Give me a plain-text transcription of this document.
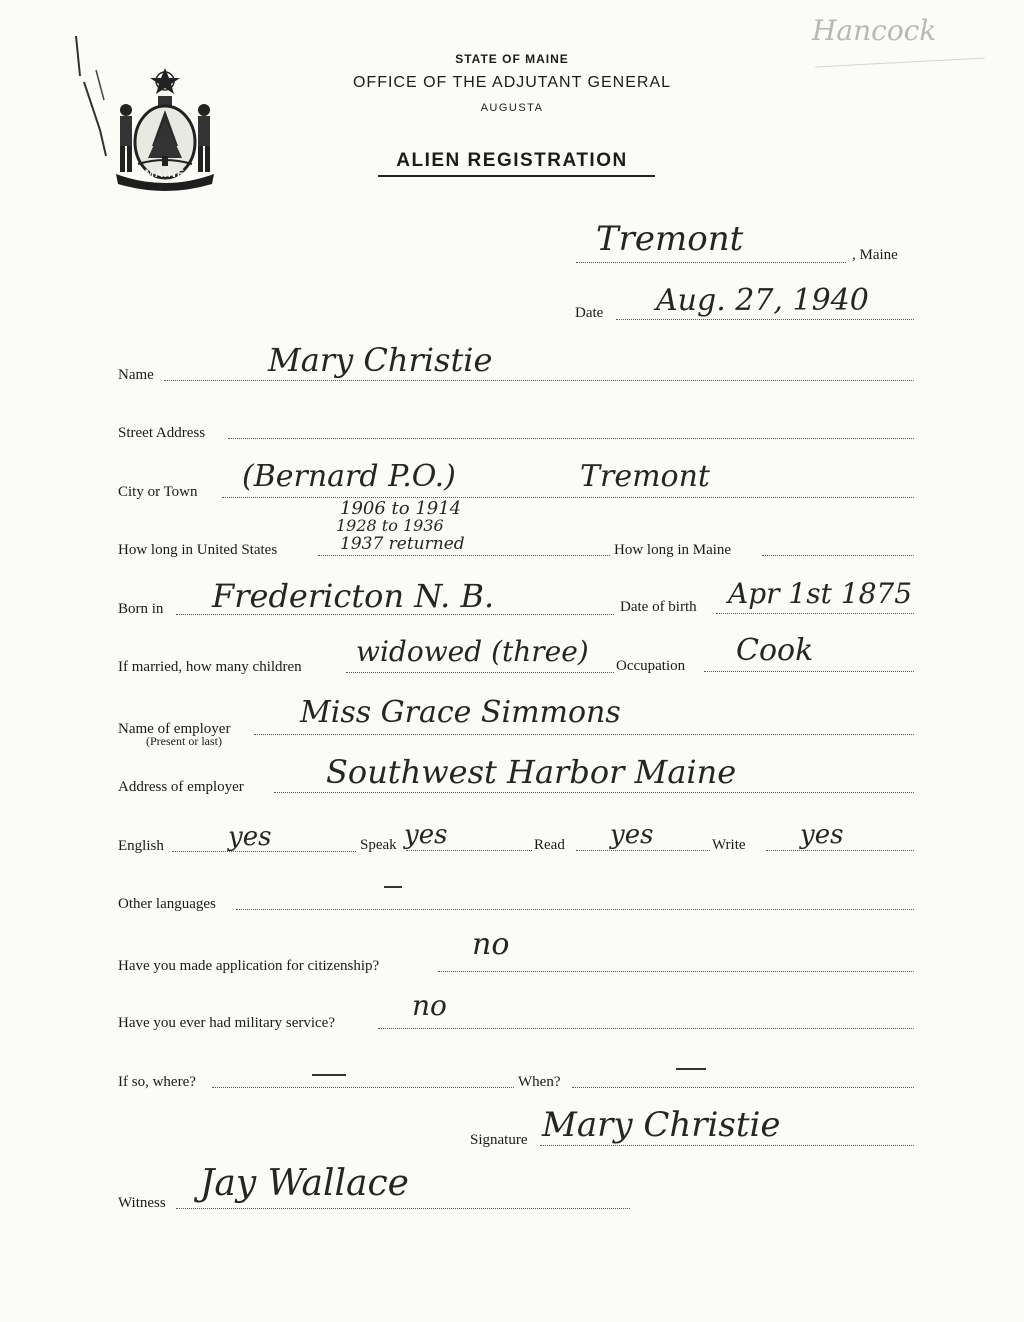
Hancock
MAINE
STATE OF MAINE
OFFICE OF THE ADJUTANT GENERAL
AUGUSTA
ALIEN REGISTRATION
Tremont	, Maine
Date Aug. 27, 1940
Name	Mary Christie
Street Address
City or Town (Bernard P.O.)	Tremont
1906 to 1914
1928 to 1936
1937 returned
How long in United States	How long in Maine
Born in Fredericton N. B.	Date of birth Apr 1st 1875
If married, how many children widowed (three) Occupation Cook
Name of employer
(Present or last)
Miss Grace Simmons
Address of employer	Southwest Harbor Maine
English yes	Speak yes	Read yes	Write yes
Other languages
Have you made application for citizenship?
no
Have you ever had military service?
no
If so, where?	When?
Signature Mary Christie
Witness Jay Wallace
